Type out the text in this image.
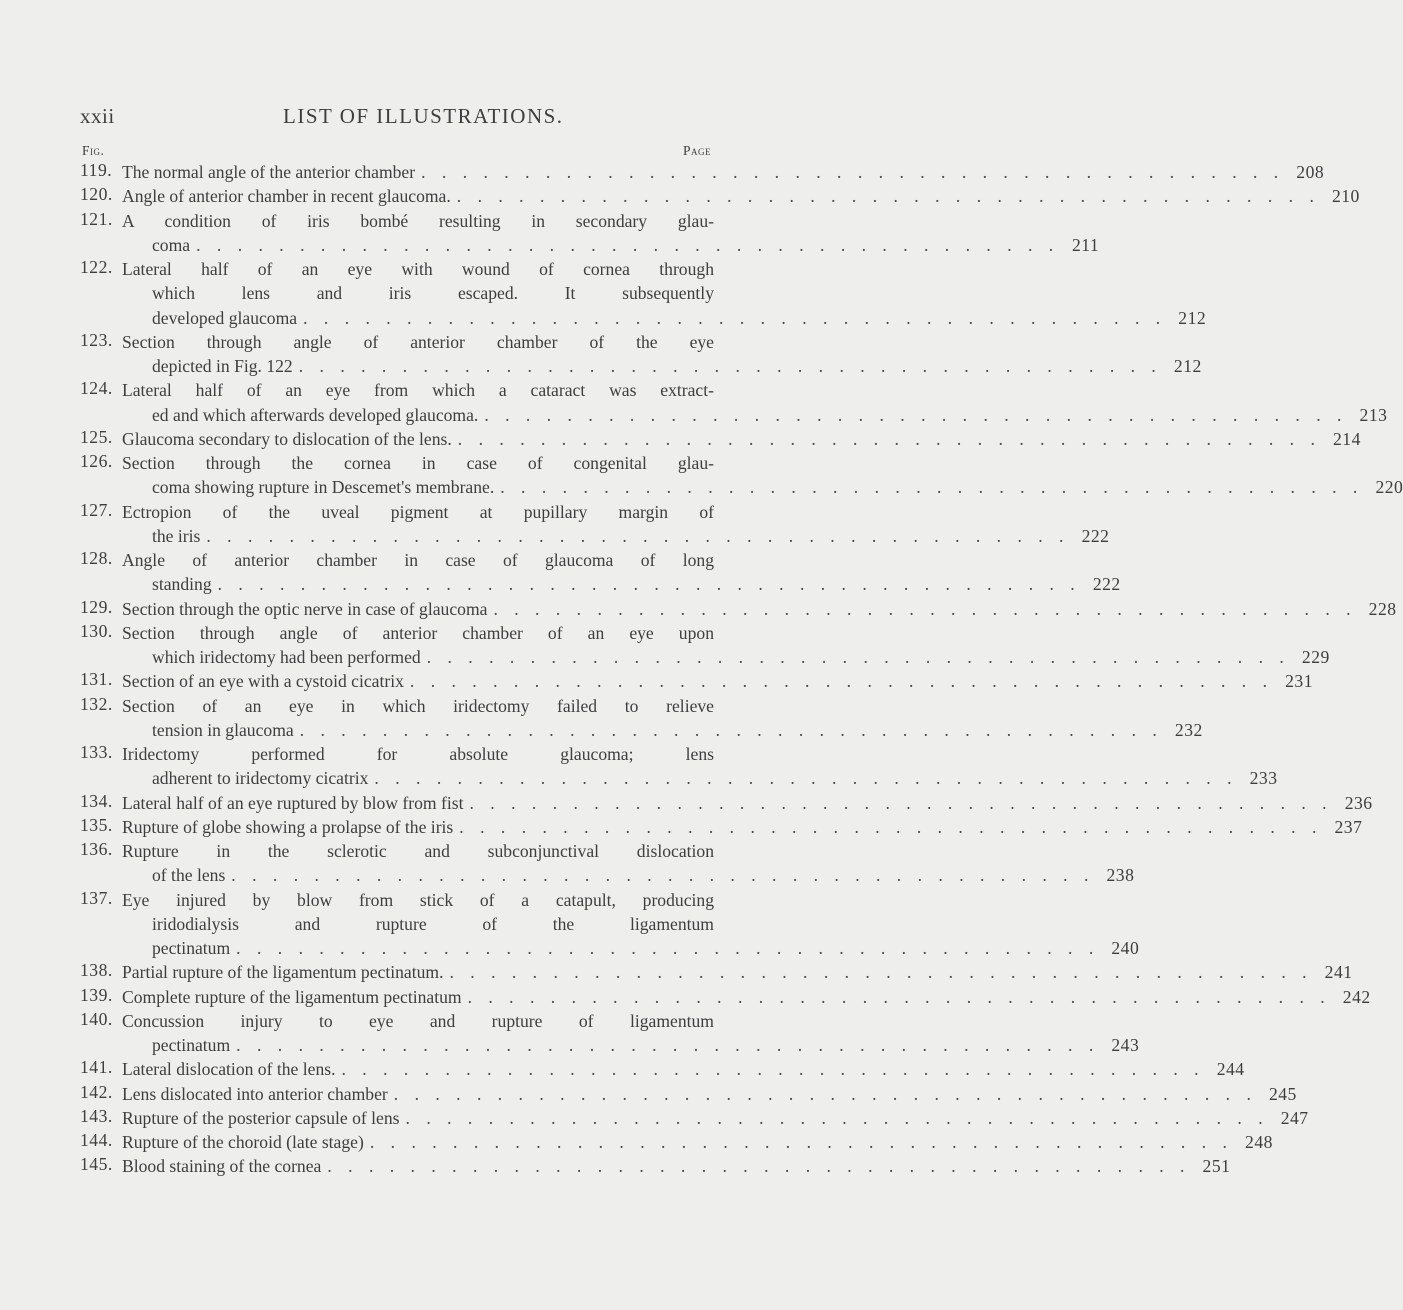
xxii	LIST OF ILLUSTRATIONS.
Fig.	Page
119. The normal angle of the anterior chamber . . . . . . . . . . . . . . . . . . . . . . . . . . . . . . . . . . . . . . . . . . 208
120. Angle of anterior chamber in recent glaucoma. . . . . . . . . . . . . . . . . . . . . . . . . . . . . . . . . . . . . . . . . . . 210
121. A condition of iris bombé resulting in secondary glau-
coma . . . . . . . . . . . . . . . . . . . . . . . . . . . . . . . . . . . . . . . . . . 211
122. Lateral half of an eye with wound of cornea through
which lens and iris escaped. It subsequently
developed glaucoma . . . . . . . . . . . . . . . . . . . . . . . . . . . . . . . . . . . . . . . . . . 212
123. Section through angle of anterior chamber of the eye
depicted in Fig. 122 . . . . . . . . . . . . . . . . . . . . . . . . . . . . . . . . . . . . . . . . . . 212
124. Lateral half of an eye from which a cataract was extract-
ed and which afterwards developed glaucoma. . . . . . . . . . . . . . . . . . . . . . . . . . . . . . . . . . . . . . . . . . . 213
125. Glaucoma secondary to dislocation of the lens. . . . . . . . . . . . . . . . . . . . . . . . . . . . . . . . . . . . . . . . . . . 214
126. Section through the cornea in case of congenital glau-
coma showing rupture in Descemet's membrane. . . . . . . . . . . . . . . . . . . . . . . . . . . . . . . . . . . . . . . . . . . 220
127. Ectropion of the uveal pigment at pupillary margin of
the iris . . . . . . . . . . . . . . . . . . . . . . . . . . . . . . . . . . . . . . . . . . 222
128. Angle of anterior chamber in case of glaucoma of long
standing . . . . . . . . . . . . . . . . . . . . . . . . . . . . . . . . . . . . . . . . . . 222
129. Section through the optic nerve in case of glaucoma . . . . . . . . . . . . . . . . . . . . . . . . . . . . . . . . . . . . . . . . . . 228
130. Section through angle of anterior chamber of an eye upon
which iridectomy had been performed . . . . . . . . . . . . . . . . . . . . . . . . . . . . . . . . . . . . . . . . . . 229
131. Section of an eye with a cystoid cicatrix . . . . . . . . . . . . . . . . . . . . . . . . . . . . . . . . . . . . . . . . . . 231
132. Section of an eye in which iridectomy failed to relieve
tension in glaucoma . . . . . . . . . . . . . . . . . . . . . . . . . . . . . . . . . . . . . . . . . . 232
133. Iridectomy performed for absolute glaucoma; lens
adherent to iridectomy cicatrix . . . . . . . . . . . . . . . . . . . . . . . . . . . . . . . . . . . . . . . . . . 233
134. Lateral half of an eye ruptured by blow from fist . . . . . . . . . . . . . . . . . . . . . . . . . . . . . . . . . . . . . . . . . . 236
135. Rupture of globe showing a prolapse of the iris . . . . . . . . . . . . . . . . . . . . . . . . . . . . . . . . . . . . . . . . . . 237
136. Rupture in the sclerotic and subconjunctival dislocation
of the lens . . . . . . . . . . . . . . . . . . . . . . . . . . . . . . . . . . . . . . . . . . 238
137. Eye injured by blow from stick of a catapult, producing
iridodialysis and rupture of the ligamentum
pectinatum . . . . . . . . . . . . . . . . . . . . . . . . . . . . . . . . . . . . . . . . . . 240
138. Partial rupture of the ligamentum pectinatum. . . . . . . . . . . . . . . . . . . . . . . . . . . . . . . . . . . . . . . . . . . 241
139. Complete rupture of the ligamentum pectinatum . . . . . . . . . . . . . . . . . . . . . . . . . . . . . . . . . . . . . . . . . . 242
140. Concussion injury to eye and rupture of ligamentum
pectinatum . . . . . . . . . . . . . . . . . . . . . . . . . . . . . . . . . . . . . . . . . . 243
141. Lateral dislocation of the lens. . . . . . . . . . . . . . . . . . . . . . . . . . . . . . . . . . . . . . . . . . . 244
142. Lens dislocated into anterior chamber . . . . . . . . . . . . . . . . . . . . . . . . . . . . . . . . . . . . . . . . . . 245
143. Rupture of the posterior capsule of lens . . . . . . . . . . . . . . . . . . . . . . . . . . . . . . . . . . . . . . . . . . 247
144. Rupture of the choroid (late stage) . . . . . . . . . . . . . . . . . . . . . . . . . . . . . . . . . . . . . . . . . . 248
145. Blood staining of the cornea . . . . . . . . . . . . . . . . . . . . . . . . . . . . . . . . . . . . . . . . . . 251
